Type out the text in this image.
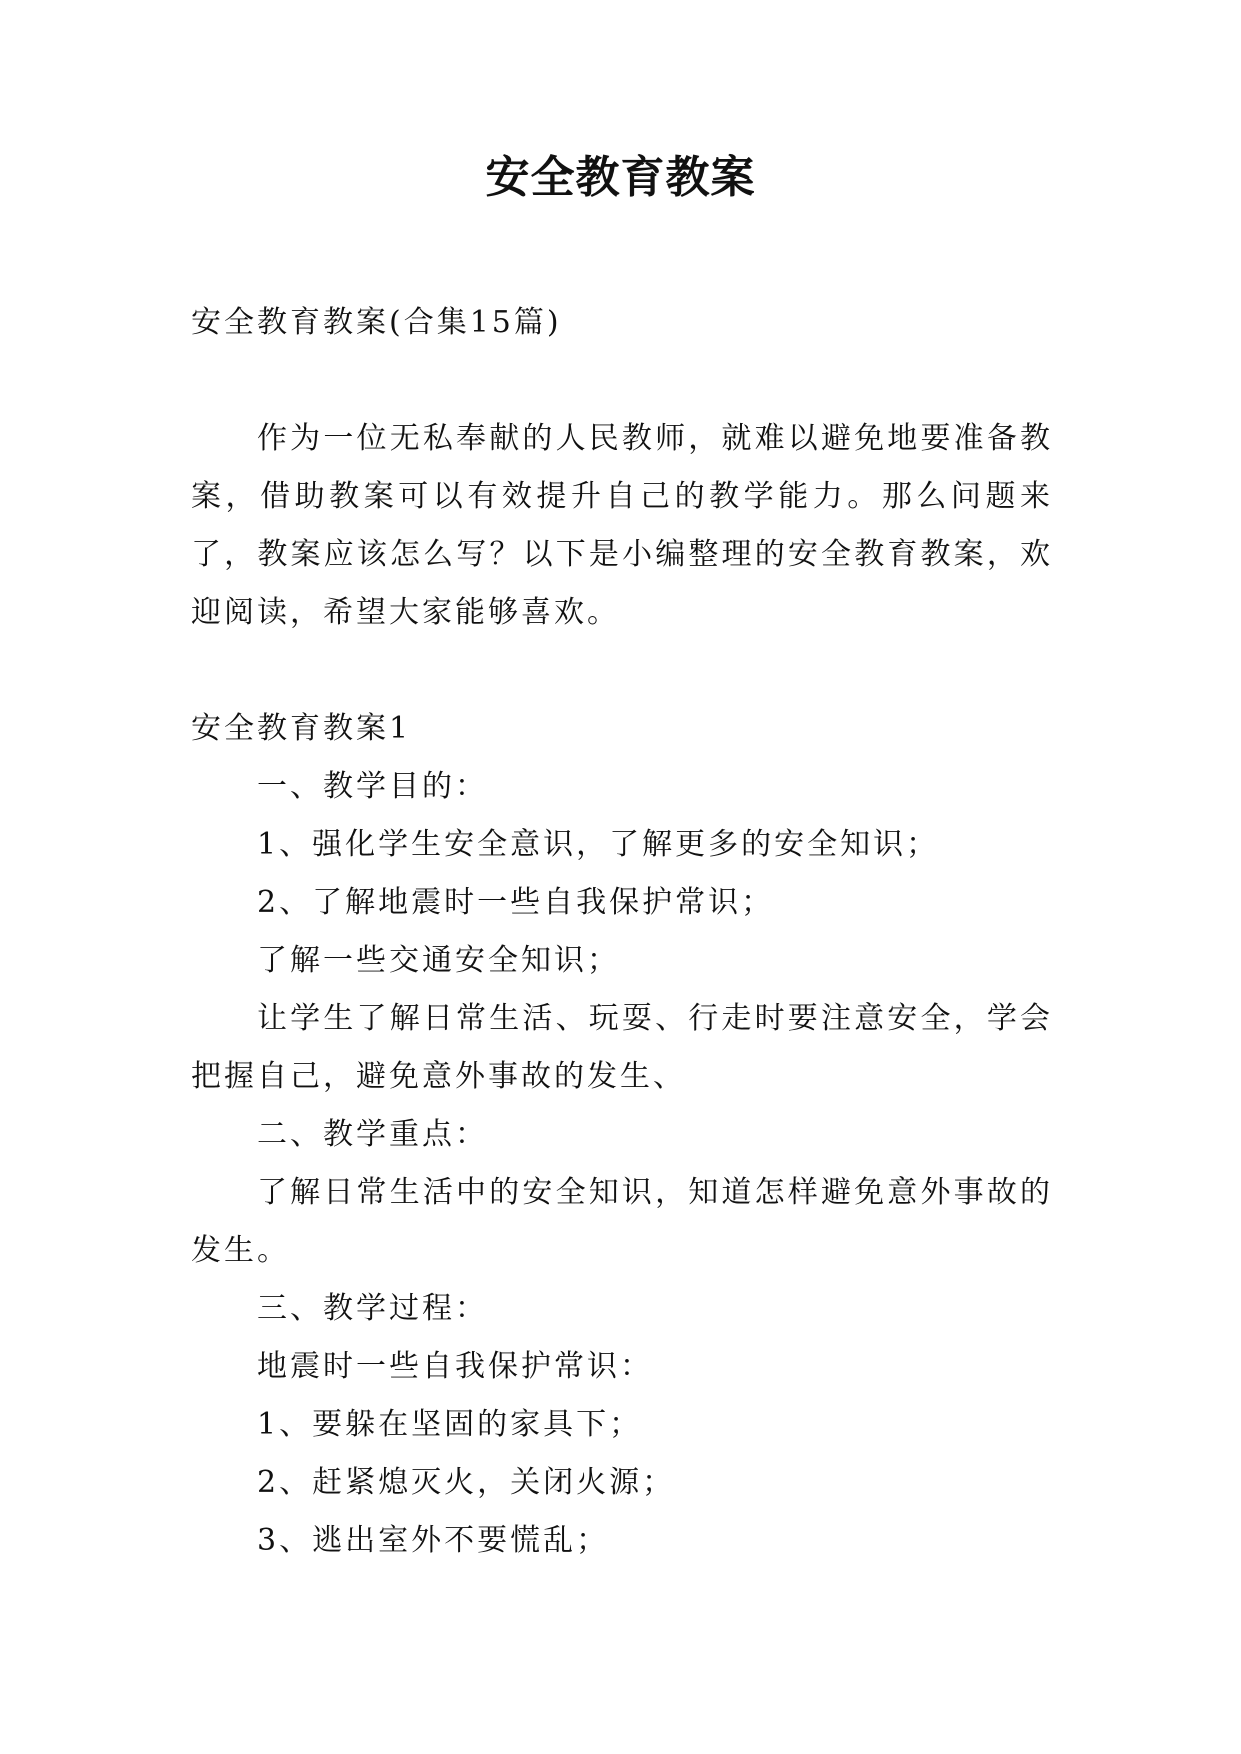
安全教育教案

安全教育教案(合集15篇)

作为一位无私奉献的人民教师，就难以避免地要准备教案，借助教案可以有效提升自己的教学能力。那么问题来了，教案应该怎么写？以下是小编整理的安全教育教案，欢迎阅读，希望大家能够喜欢。

安全教育教案1

一、教学目的：

1、强化学生安全意识，了解更多的安全知识；

2、了解地震时一些自我保护常识；

了解一些交通安全知识；

让学生了解日常生活、玩耍、行走时要注意安全，学会把握自己，避免意外事故的发生、

二、教学重点：

了解日常生活中的安全知识，知道怎样避免意外事故的发生。

三、教学过程：

地震时一些自我保护常识：

1、要躲在坚固的家具下；

2、赶紧熄灭火，关闭火源；

3、逃出室外不要慌乱；
